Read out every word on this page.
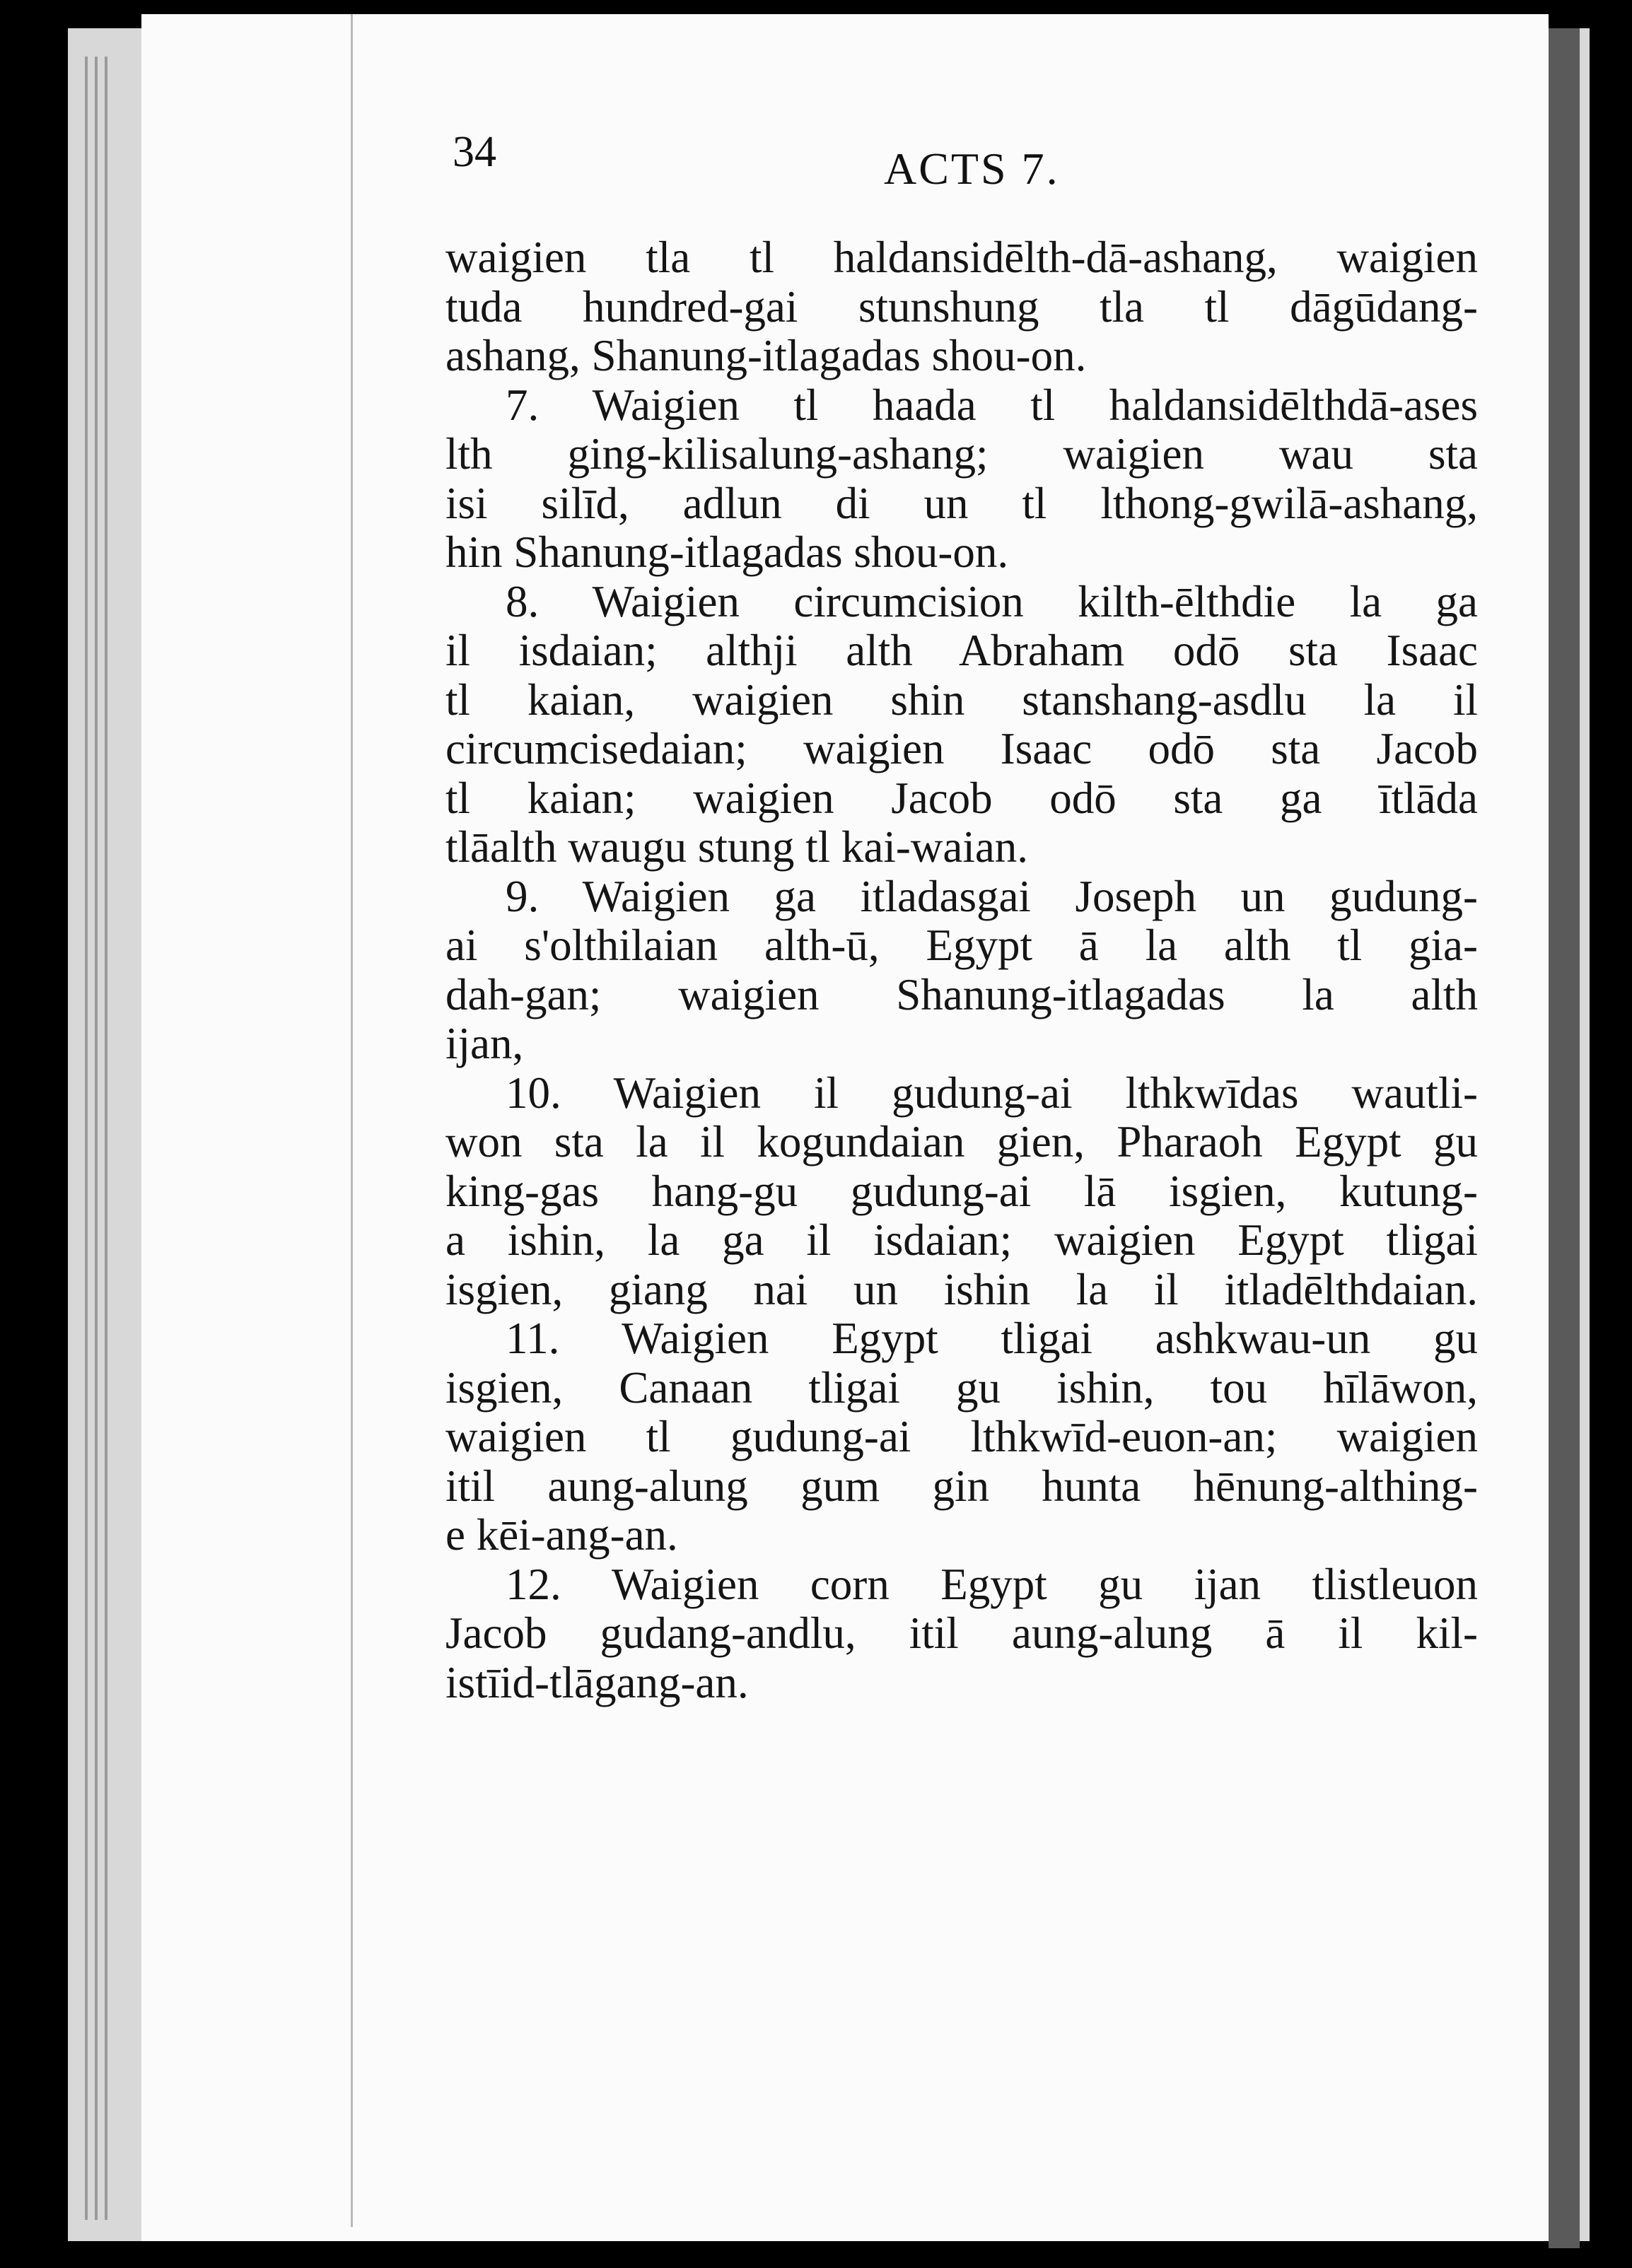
34	ACTS 7.
waigien tla tl haldansidēlth-dā-ashang, waigien
tuda hundred-gai stunshung tla tl dāgūdang-
ashang, Shanung-itlagadas shou-on.
7. Waigien tl haada tl haldansidēlthdā-ases
lth ging-kilisalung-ashang; waigien wau sta
isi silīd, adlun di un tl lthong-gwilā-ashang,
hin Shanung-itlagadas shou-on.
8. Waigien circumcision kilth-ēlthdie la ga
il isdaian; althji alth Abraham odō sta Isaac
tl kaian, waigien shin stanshang-asdlu la il
circumcisedaian; waigien Isaac odō sta Jacob
tl kaian; waigien Jacob odō sta ga ītlāda
tlāalth waugu stung tl kai-waian.
9. Waigien ga itladasgai Joseph un gudung-
ai s'olthilaian alth-ū, Egypt ā la alth tl gia-
dah-gan; waigien Shanung-itlagadas la alth
ijan,
10. Waigien il gudung-ai lthkwīdas wautli-
won sta la il kogundaian gien, Pharaoh Egypt gu
king-gas hang-gu gudung-ai lā isgien, kutung-
a ishin, la ga il isdaian; waigien Egypt tligai
isgien, giang nai un ishin la il itladēlthdaian.
11. Waigien Egypt tligai ashkwau-un gu
isgien, Canaan tligai gu ishin, tou hīlāwon,
waigien tl gudung-ai lthkwīd-euon-an; waigien
itil aung-alung gum gin hunta hēnung-althing-
e kēi-ang-an.
12. Waigien corn Egypt gu ijan tlistleuon
Jacob gudang-andlu, itil aung-alung ā il kil-
istīid-tlāgang-an.
